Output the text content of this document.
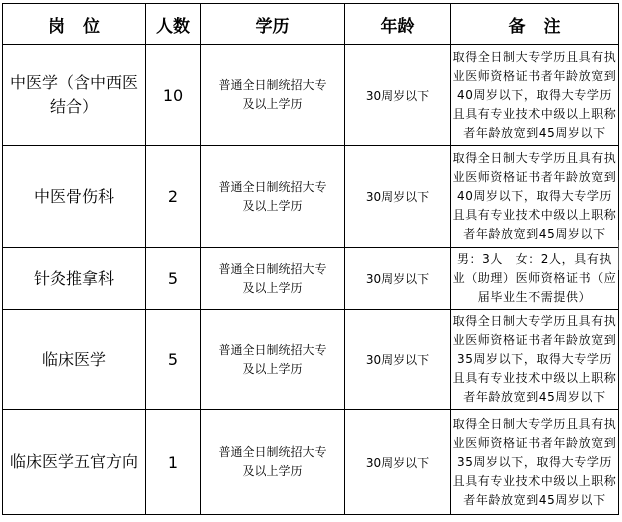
岗位	人数	学历	年龄	备注
中医学（含中西医结合）	10	普通全日制统招大专及以上学历	30周岁以下	取得全日制大专学历且具有执业医师资格证书者年龄放宽到40周岁以下，取得大专学历且具有专业技术中级以上职称者年龄放宽到45周岁以下
中医骨伤科	2	普通全日制统招大专及以上学历	30周岁以下	取得全日制大专学历且具有执业医师资格证书者年龄放宽到40周岁以下，取得大专学历且具有专业技术中级以上职称者年龄放宽到45周岁以下
针灸推拿科	5	普通全日制统招大专及以上学历	30周岁以下	男：3人　女：2人，具有执业（助理）医师资格证书（应届毕业生不需提供）
临床医学	5	普通全日制统招大专及以上学历	30周岁以下	取得全日制大专学历且具有执业医师资格证书者年龄放宽到35周岁以下，取得大专学历且具有专业技术中级以上职称者年龄放宽到45周岁以下
临床医学五官方向	1	普通全日制统招大专及以上学历	30周岁以下	取得全日制大专学历且具有执业医师资格证书者年龄放宽到35周岁以下，取得大专学历且具有专业技术中级以上职称者年龄放宽到45周岁以下
